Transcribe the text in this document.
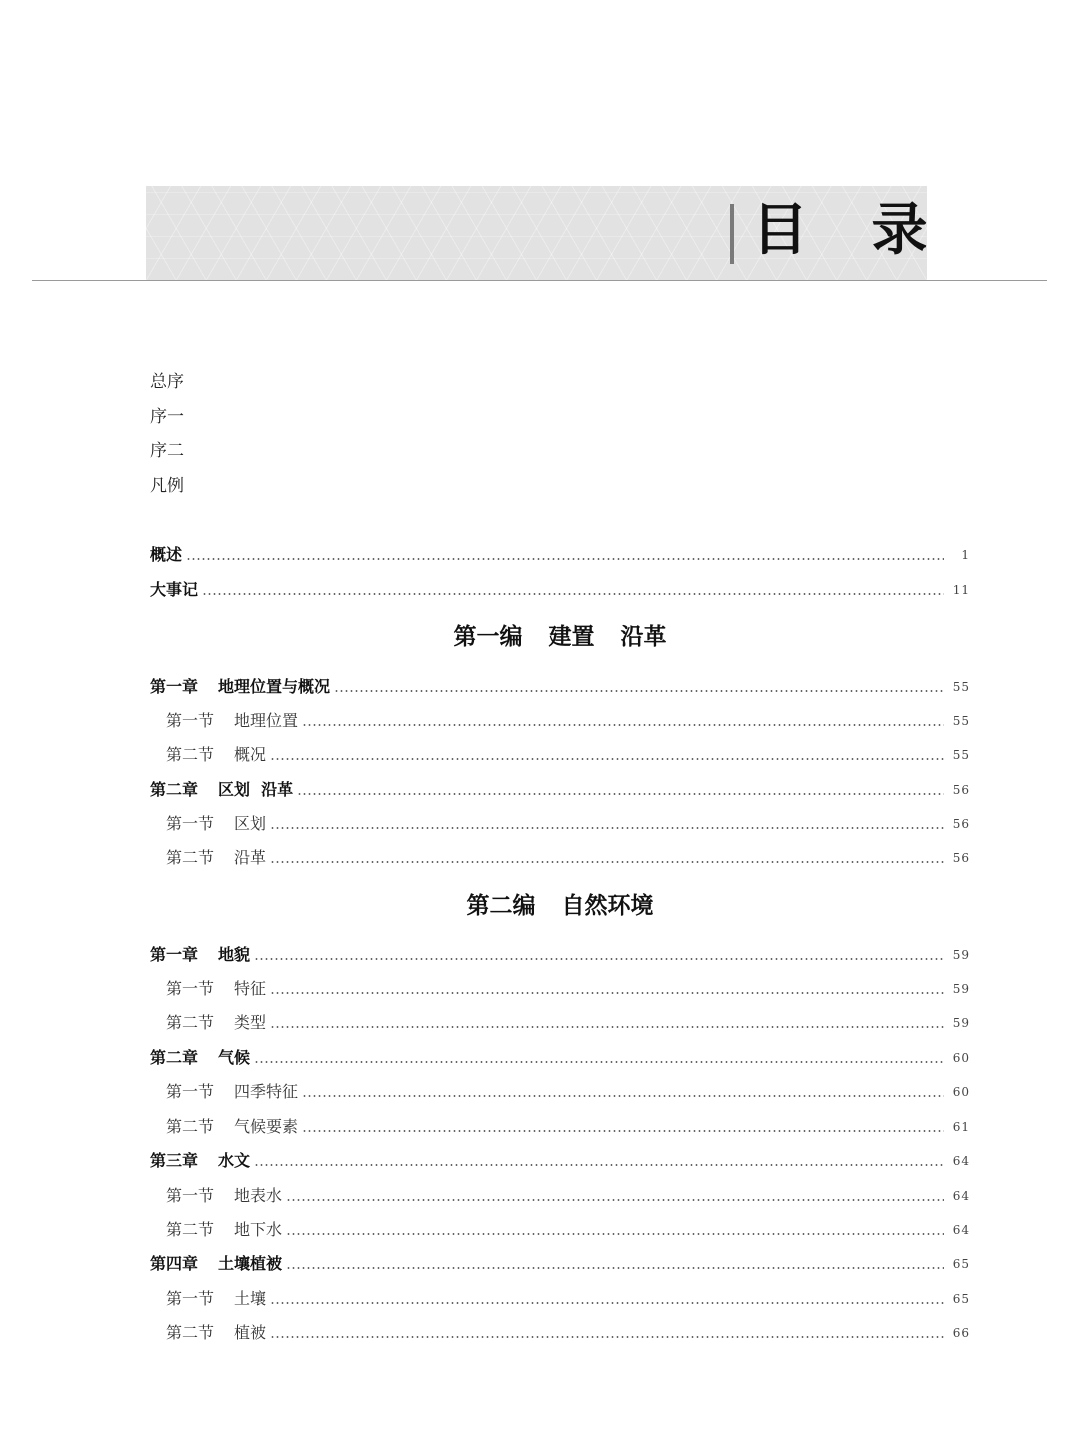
目 录
总序
序一
序二
凡例
概述	1
大事记	11
第一编 建置 沿革
第一章 地理位置与概况	55
第一节 地理位置	55
第二节 概况	55
第二章 区划  沿革	56
第一节 区划	56
第二节 沿革	56
第二编 自然环境
第一章 地貌	59
第一节 特征	59
第二节 类型	59
第二章 气候	60
第一节 四季特征	60
第二节 气候要素	61
第三章 水文	64
第一节 地表水	64
第二节 地下水	64
第四章 土壤植被	65
第一节 土壤	65
第二节 植被	66
